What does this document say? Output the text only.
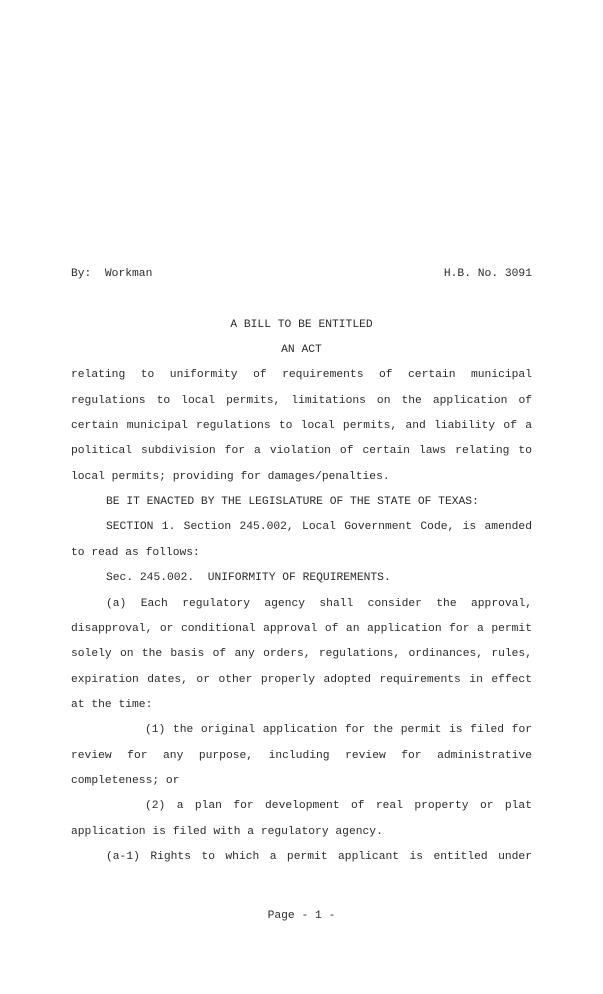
By:  Workman	H.B. No. 3091
A BILL TO BE ENTITLED
AN ACT
relating to uniformity of requirements of certain municipal
regulations to local permits, limitations on the application of
certain municipal regulations to local permits, and liability of a
political subdivision for a violation of certain laws relating to
local permits; providing for damages/penalties.
BE IT ENACTED BY THE LEGISLATURE OF THE STATE OF TEXAS:
SECTION 1. Section 245.002, Local Government Code, is amended
to read as follows:
Sec. 245.002.  UNIFORMITY OF REQUIREMENTS.
(a) Each regulatory agency shall consider the approval,
disapproval, or conditional approval of an application for a permit
solely on the basis of any orders, regulations, ordinances, rules,
expiration dates, or other properly adopted requirements in effect
at the time:
(1) the original application for the permit is filed for
review for any purpose, including review for administrative
completeness; or
(2) a plan for development of real property or plat
application is filed with a regulatory agency.
(a-1) Rights to which a permit applicant is entitled under
Page - 1 -
